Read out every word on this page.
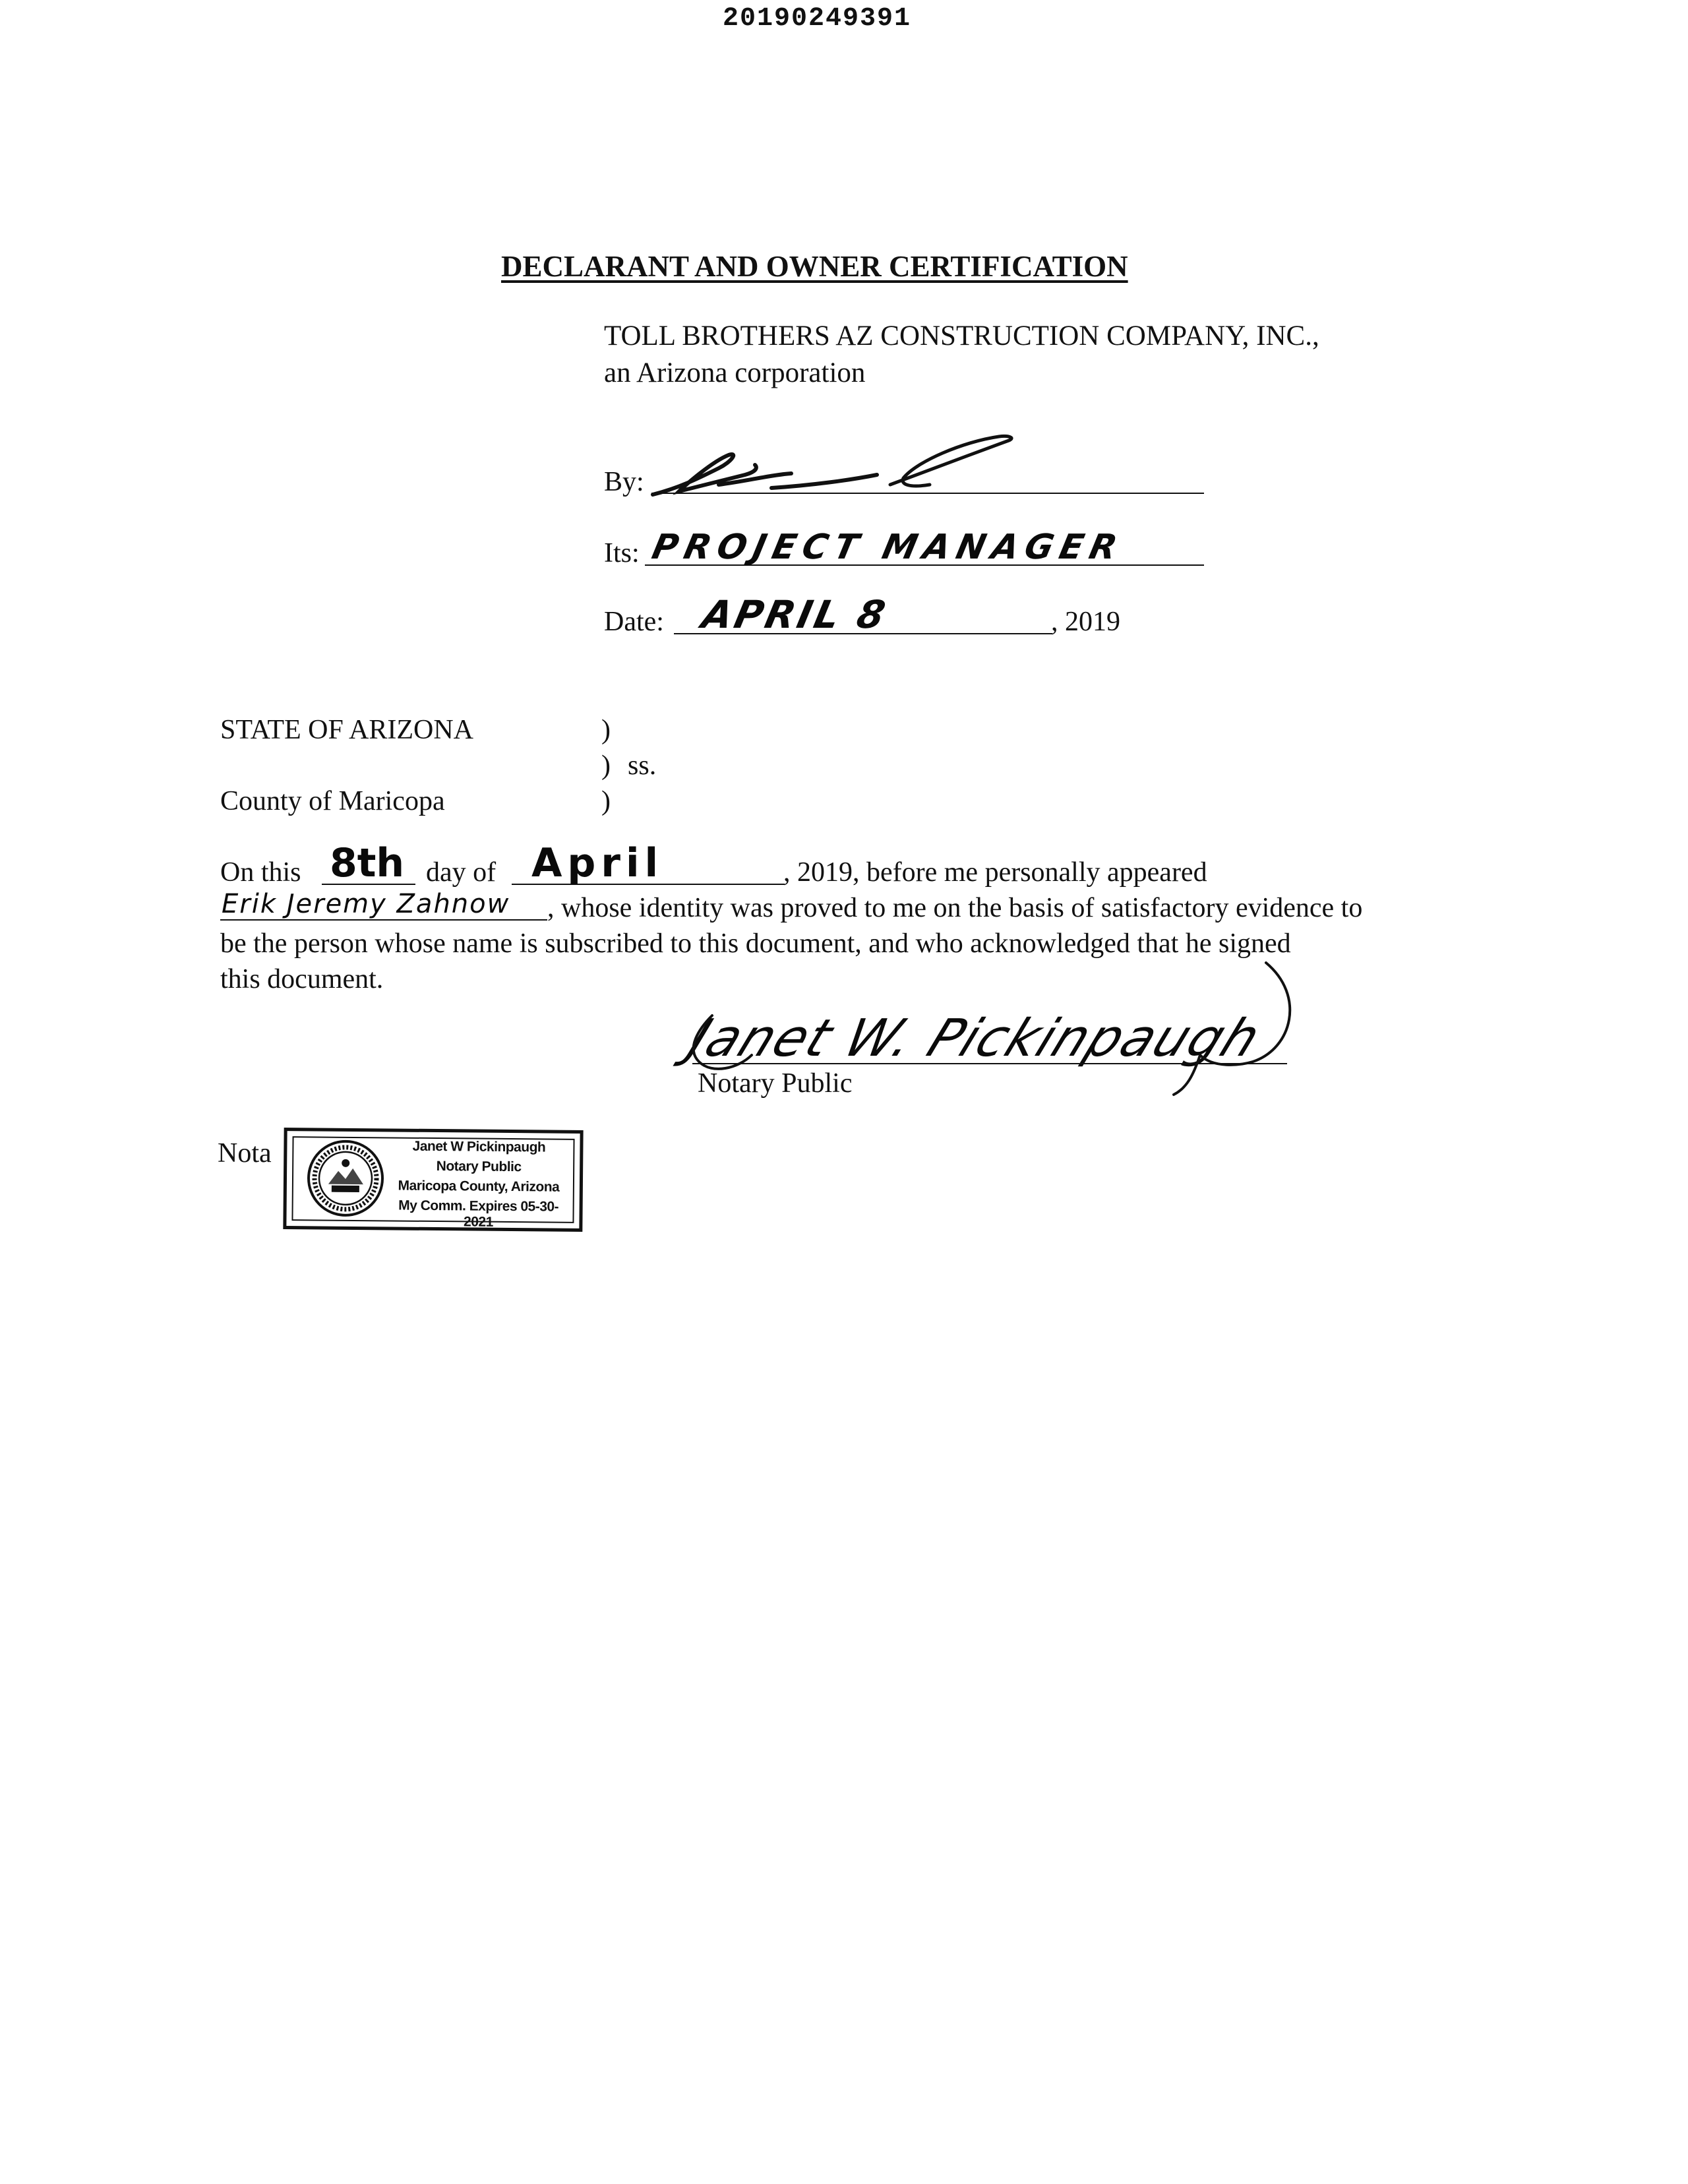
20190249391
DECLARANT AND OWNER CERTIFICATION
TOLL BROTHERS AZ CONSTRUCTION COMPANY, INC.,
an Arizona corporation
By:
Its: PROJECT MANAGER
Date: APRIL 8	, 2019
STATE OF ARIZONA	)
) ss.
County of Maricopa	)
On this 8th day of April	, 2019, before me personally appeared
Erik Jeremy Zahnow , whose identity was proved to me on the basis of satisfactory evidence to
be the person whose name is subscribed to this document, and who acknowledged that he signed
this document.
Janet W. Pickinpaugh
Notary Public
Nota	Janet W Pickinpaugh
Notary Public
Maricopa County, Arizona
My Comm. Expires 05-30-2021
